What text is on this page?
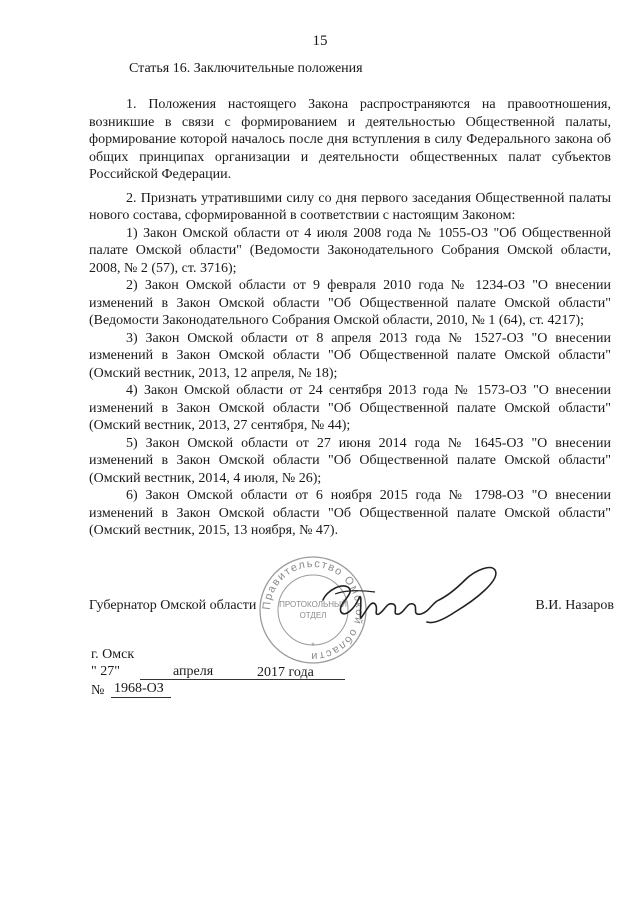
15
Статья 16. Заключительные положения

1. Положения настоящего Закона распространяются на правоотношения, возникшие в связи с формированием и деятельностью Общественной палаты, формирование которой началось после дня вступления в силу Федерального закона об общих принципах организации и деятельности общественных палат субъектов Российской Федерации.

2. Признать утратившими силу со дня первого заседания Общественной палаты нового состава, сформированной в соответствии с настоящим Законом:

1) Закон Омской области от 4 июля 2008 года № 1055-ОЗ "Об Общественной палате Омской области" (Ведомости Законодательного Собрания Омской области, 2008, № 2 (57), ст. 3716);

2) Закон Омской области от 9 февраля 2010 года № 1234-ОЗ "О внесении изменений в Закон Омской области "Об Общественной палате Омской области" (Ведомости Законодательного Собрания Омской области, 2010, № 1 (64), ст. 4217);

3) Закон Омской области от 8 апреля 2013 года № 1527-ОЗ "О внесении изменений в Закон Омской области "Об Общественной палате Омской области" (Омский вестник, 2013, 12 апреля, № 18);

4) Закон Омской области от 24 сентября 2013 года № 1573-ОЗ "О внесении изменений в Закон Омской области "Об Общественной палате Омской области" (Омский вестник, 2013, 27 сентября, № 44);

5) Закон Омской области от 27 июня 2014 года № 1645-ОЗ "О внесении изменений в Закон Омской области "Об Общественной палате Омской области" (Омский вестник, 2014, 4 июля, № 26);

6) Закон Омской области от 6 ноября 2015 года № 1798-ОЗ "О внесении изменений в Закон Омской области "Об Общественной палате Омской области" (Омский вестник, 2015, 13 ноября, № 47).

Правительство Омской области
ПРОТОКОЛЬНЫЙ
ОТДЕЛ
*
Губернатор Омской области	В.И. Назаров
г. Омск
" 27"	апреля	2017 года
№ 1968-ОЗ
